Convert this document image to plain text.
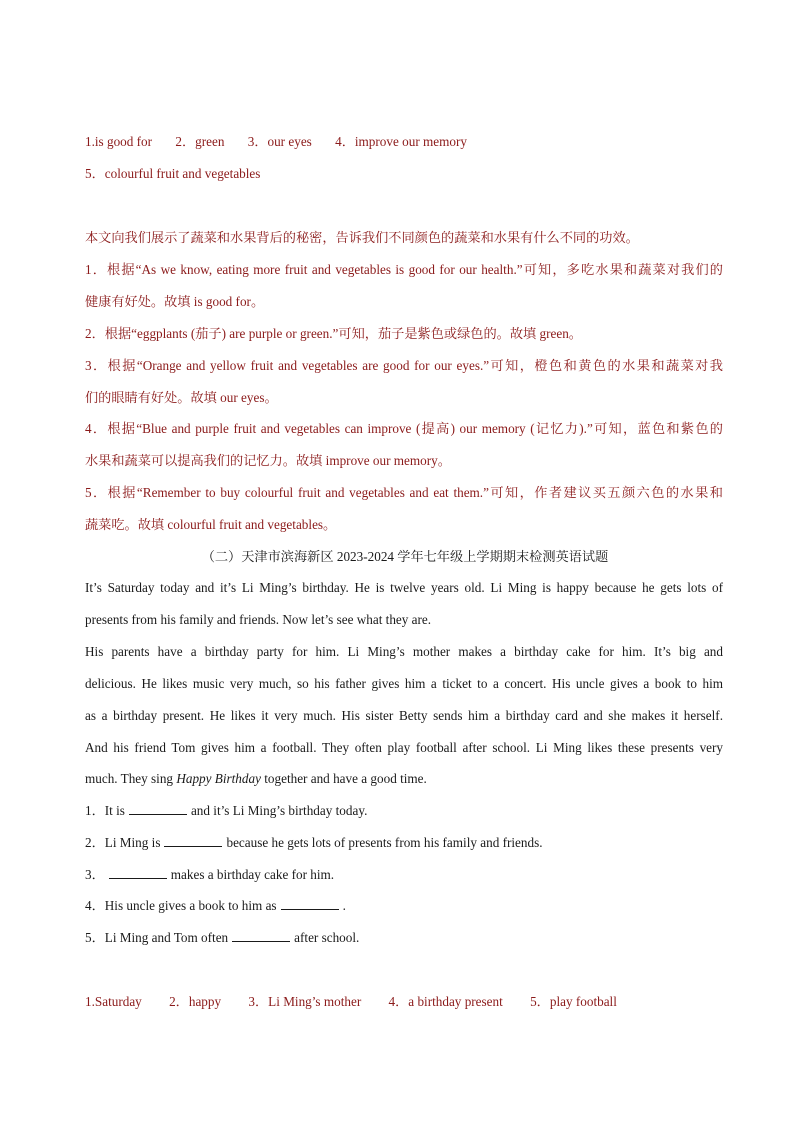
1.is good for 2．green 3．our eyes 4．improve our memory
5．colourful fruit and vegetables
本文向我们展示了蔬菜和水果背后的秘密，告诉我们不同颜色的蔬菜和水果有什么不同的功效。
1．根据“As we know, eating more fruit and vegetables is good for our health.”可知，多吃水果和蔬菜对我们的
健康有好处。故填 is good for。
2．根据“eggplants (茄子) are purple or green.”可知，茄子是紫色或绿色的。故填 green。
3．根据“Orange and yellow fruit and vegetables are good for our eyes.”可知，橙色和黄色的水果和蔬菜对我
们的眼睛有好处。故填 our eyes。
4．根据“Blue and purple fruit and vegetables can improve (提高) our memory (记忆力).”可知，蓝色和紫色的
水果和蔬菜可以提高我们的记忆力。故填 improve our memory。
5．根据“Remember to buy colourful fruit and vegetables and eat them.”可知，作者建议买五颜六色的水果和
蔬菜吃。故填 colourful fruit and vegetables。
（二）天津市滨海新区 2023-2024 学年七年级上学期期末检测英语试题
It’s Saturday today and it’s Li Ming’s birthday. He is twelve years old. Li Ming is happy because he gets lots of
presents from his family and friends. Now let’s see what they are.
His parents have a birthday party for him. Li Ming’s mother makes a birthday cake for him. It’s big and
delicious. He likes music very much, so his father gives him a ticket to a concert. His uncle gives a book to him
as a birthday present. He likes it very much. His sister Betty sends him a birthday card and she makes it herself.
And his friend Tom gives him a football. They often play football after school. Li Ming likes these presents very
much. They sing Happy Birthday together and have a good time.
1．It is	and it’s Li Ming’s birthday today.
2．Li Ming is	because he gets lots of presents from his family and friends.
3．	makes a birthday cake for him.
4．His uncle gives a book to him as	.
5．Li Ming and Tom often	after school.
1.Saturday 2．happy 3．Li Ming’s mother 4．a birthday present 5．play football
